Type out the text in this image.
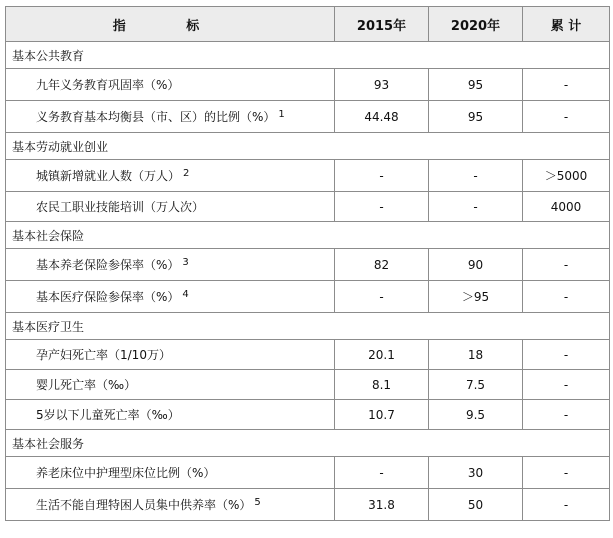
指 标	2015年	2020年	累 计
基本公共教育			
九年义务教育巩固率（%）	93	95	-
义务教育基本均衡县（市、区）的比例（%） $^1$	44.48	95	-
基本劳动就业创业			
城镇新增就业人数（万人） $^2$	-	-	＞5000
农民工职业技能培训（万人次）	-	-	4000
基本社会保险			
基本养老保险参保率（%） $^3$	82	90	-
基本医疗保险参保率（%） $^4$	-	＞95	-
基本医疗卫生			
孕产妇死亡率（1/10万）	20.1	18	-
婴儿死亡率（‰）	8.1	7.5	-
5岁以下儿童死亡率（‰）	10.7	9.5	-
基本社会服务			
养老床位中护理型床位比例（%）	-	30	-
生活不能自理特困人员集中供养率（%） $^5$	31.8	50	-
